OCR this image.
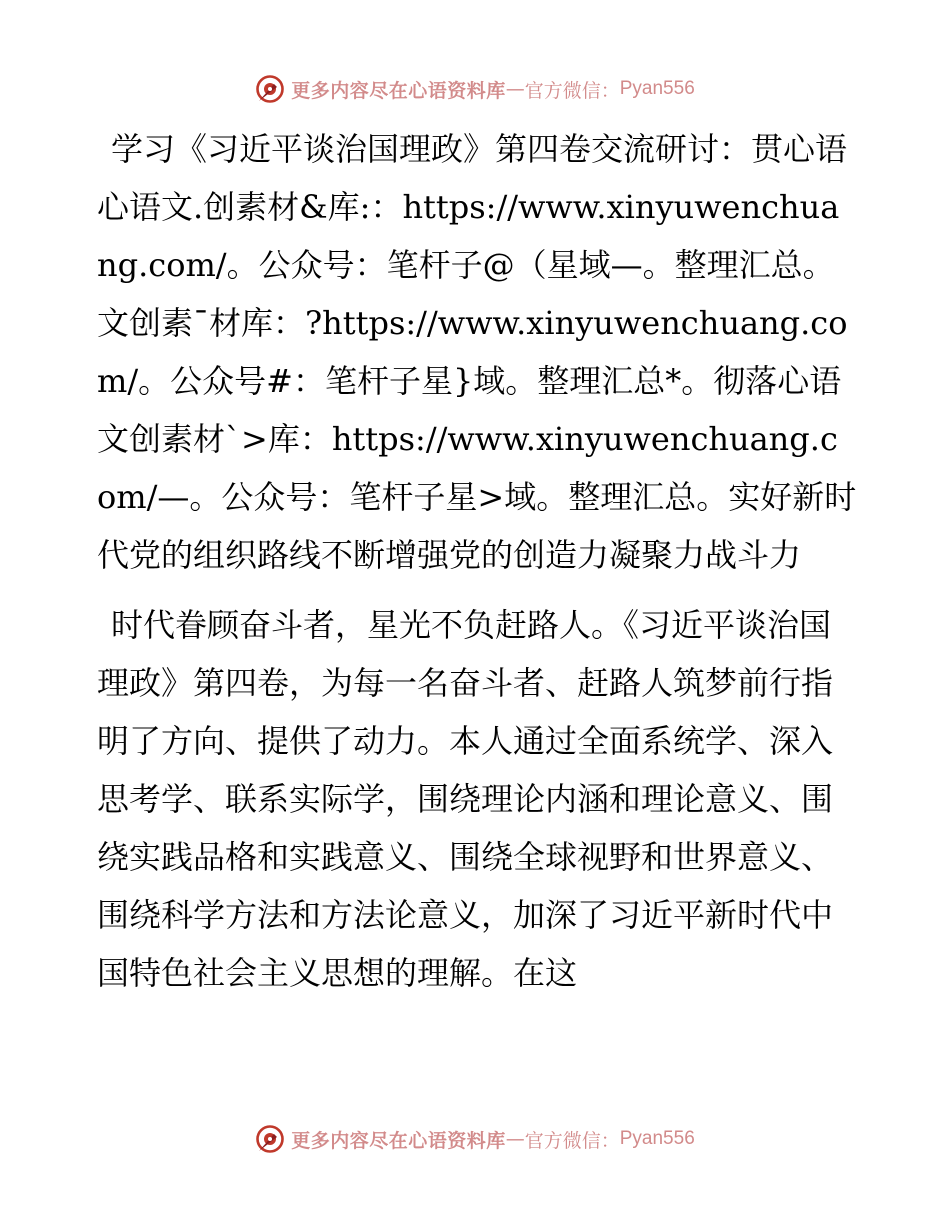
更多内容尽在心语资料库 — 官方微信： Pyan556

学习《习近平谈治国理政》第四卷交流研讨：贯心语心语文.创素材&库:：https://www.xinyuwenchuang.com/。公众号：笔杆子@（星域—。整理汇总。文创素¯材库：?https://www.xinyuwenchuang.com/。公众号#：笔杆子星}域。整理汇总*。彻落心语文创素材`>库：https://www.xinyuwenchuang.com/—。公众号：笔杆子星>域。整理汇总。实好新时代党的组织路线不断增强党的创造力凝聚力战斗力

时代眷顾奋斗者，星光不负赶路人。《习近平谈治国理政》第四卷，为每一名奋斗者、赶路人筑梦前行指明了方向、提供了动力。本人通过全面系统学、深入思考学、联系实际学，围绕理论内涵和理论意义、围绕实践品格和实践意义、围绕全球视野和世界意义、围绕科学方法和方法论意义，加深了习近平新时代中国特色社会主义思想的理解。在这

更多内容尽在心语资料库 — 官方微信： Pyan556
